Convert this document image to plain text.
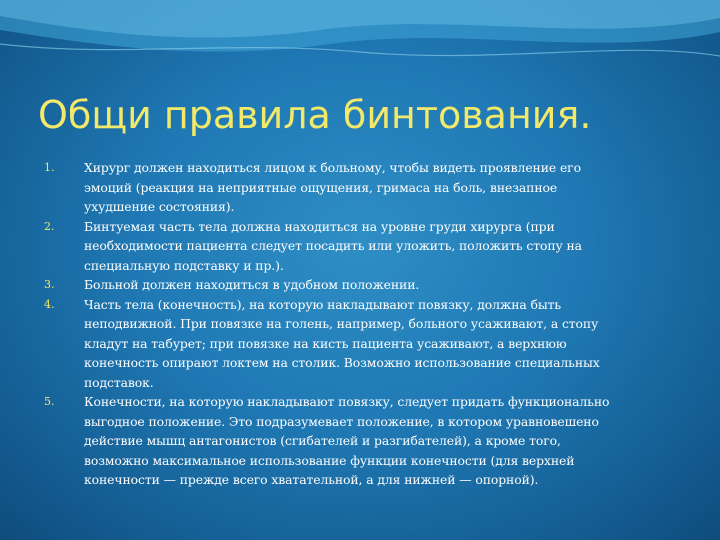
Общи правила бинтования.
1.	Хирург должен находиться лицом к больному, чтобы видеть проявление его
эмоций (реакция на неприятные ощущения, гримаса на боль, внезапное
ухудшение состояния).
2.	Бинтуемая часть тела должна находиться на уровне груди хирурга (при
необходимости пациента следует посадить или уложить, положить стопу на
специальную подставку и пр.).
3.	Больной должен находиться в удобном положении.
4.	Часть тела (конечность), на которую накладывают повязку, должна быть
неподвижной. При повязке на голень, например, больного усаживают, а стопу
кладут на табурет; при повязке на кисть пациента усаживают, а верхнюю
конечность опирают локтем на столик. Возможно использование специальных
подставок.
5.	Конечности, на которую накладывают повязку, следует придать функционально
выгодное положение. Это подразумевает положение, в котором уравновешено
действие мышц антагонистов (сгибателей и разгибателей), а кроме того,
возможно максимальное использование функции конечности (для верхней
конечности — прежде всего хватательной, а для нижней — опорной).
